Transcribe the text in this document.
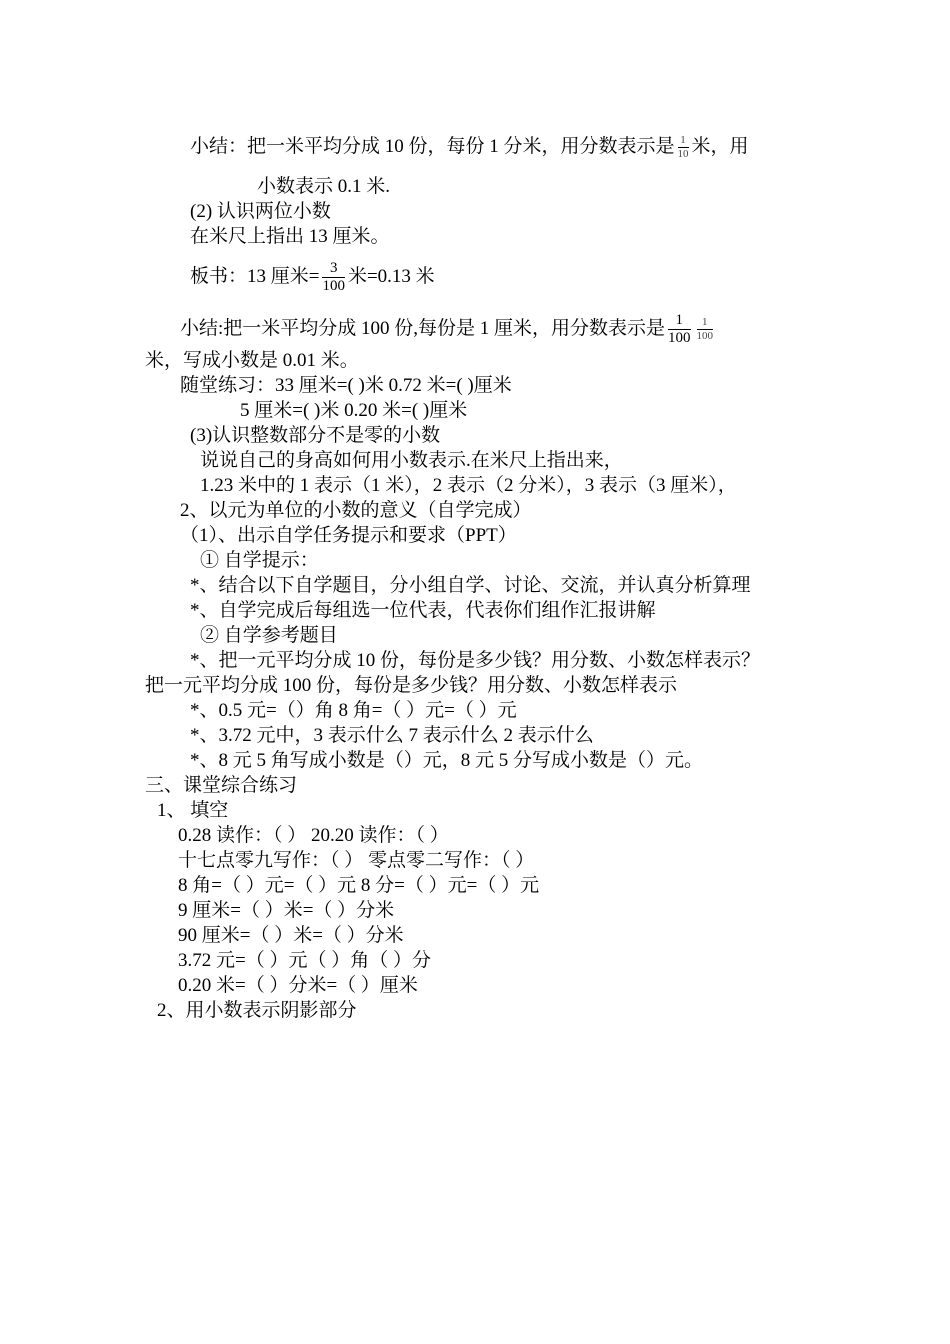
小结：把一米平均分成 10 份，每份 1 分米，用分数表示是 $\frac{1}{10}$ 米，用
小数表示 0.1 米.
(2) 认识两位小数
在米尺上指出 13 厘米。
板书：13 厘米= $\frac{3}{100}$ 米=0.13 米
小结:把一米平均分成 100 份,每份是 1 厘米，用分数表示是 $\frac{1}{100} \frac{1}{100}$
米，写成小数是 0.01 米。
随堂练习：33 厘米=( )米 0.72 米=( )厘米
5 厘米=( )米 0.20 米=( )厘米
(3)认识整数部分不是零的小数
说说自己的身高如何用小数表示.在米尺上指出来，
1.23 米中的 1 表示（1 米），2 表示（2 分米），3 表示（3 厘米），
2、以元为单位的小数的意义（自学完成）
（1）、出示自学任务提示和要求（PPT）
① 自学提示：
*、结合以下自学题目，分小组自学、讨论、交流，并认真分析算理
*、自学完成后每组选一位代表，代表你们组作汇报讲解
② 自学参考题目
*、把一元平均分成 10 份，每份是多少钱？用分数、小数怎样表示？
把一元平均分成 100 份，每份是多少钱？用分数、小数怎样表示
*、0.5 元=（）角 8 角=（ ）元=（ ）元
*、3.72 元中，3 表示什么 7 表示什么 2 表示什么
*、8 元 5 角写成小数是（）元，8 元 5 分写成小数是（）元。
三、课堂综合练习
1、 填空
0.28 读作：（ ） 20.20 读作：（ ）
十七点零九写作：（ ） 零点零二写作：（ ）
8 角=（ ）元=（ ）元 8 分=（ ）元=（ ）元
9 厘米=（ ）米=（ ）分米
90 厘米=（ ）米=（ ）分米
3.72 元=（ ）元（ ）角（ ）分
0.20 米=（ ）分米=（ ）厘米
2、用小数表示阴影部分
